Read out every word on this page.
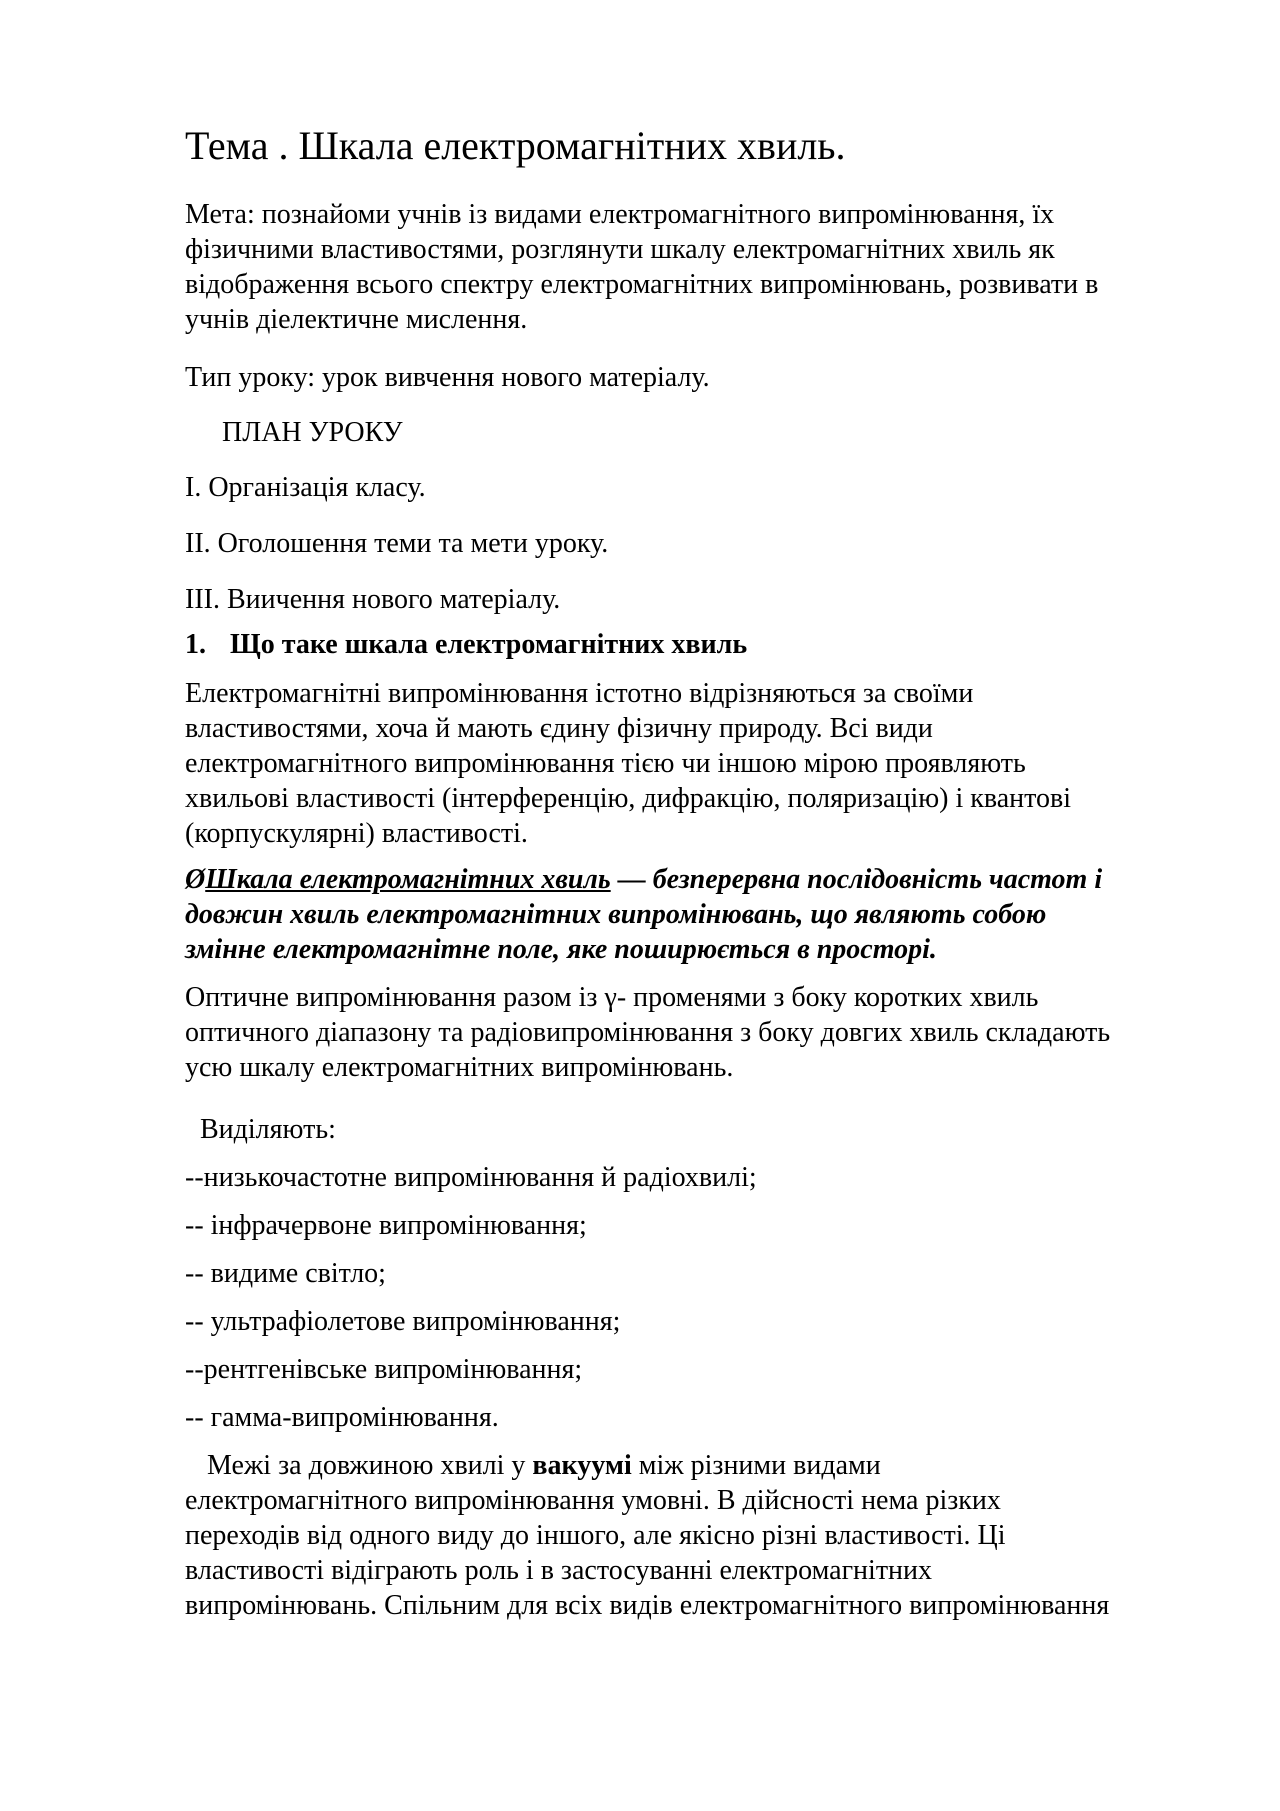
Тема . Шкала електромагнітних хвиль.

Мета: познайоми учнів із видами електромагнітного випромінювання, їх
фізичними властивостями, розглянути шкалу електромагнітних хвиль як
відображення всього спектру електромагнітних випромінювань, розвивати в
учнів діелектичне мислення.

Тип уроку: урок вивчення нового матеріалу.

ПЛАН УРОКУ

I. Організація класу.

II. Оголошення теми та мети уроку.

III. Виичення нового матеріалу.

1. Що таке шкала електромагнітних хвиль

Електромагнітні випромінювання істотно відрізняються за своїми
властивостями, хоча й мають єдину фізичну природу. Всі види
електромагнітного випромінювання тією чи іншою мірою проявляють
хвильові властивості (інтерференцію, дифракцію, поляризацію) і квантові
(корпускулярні) властивості.

ØШкала електромагнітних хвиль — безперервна послідовність частот і
довжин хвиль електромагнітних випромінювань, що являють собою
змінне електромагнітне поле, яке поширюється в просторі.

Оптичне випромінювання разом із γ- променями з боку коротких хвиль
оптичного діапазону та радіовипромінювання з боку довгих хвиль складають
усю шкалу електромагнітних випромінювань.

Виділяють:

--низькочастотне випромінювання й радіохвилі;

-- інфрачервоне випромінювання;

-- видиме світло;

-- ультрафіолетове випромінювання;

--рентгенівське випромінювання;

-- гамма-випромінювання.

Межі за довжиною хвилі у вакуумі між різними видами
електромагнітного випромінювання умовні. В дійсності нема різких
переходів від одного виду до іншого, але якісно різні властивості. Ці
властивості відіграють роль і в застосуванні електромагнітних
випромінювань. Спільним для всіх видів електромагнітного випромінювання
